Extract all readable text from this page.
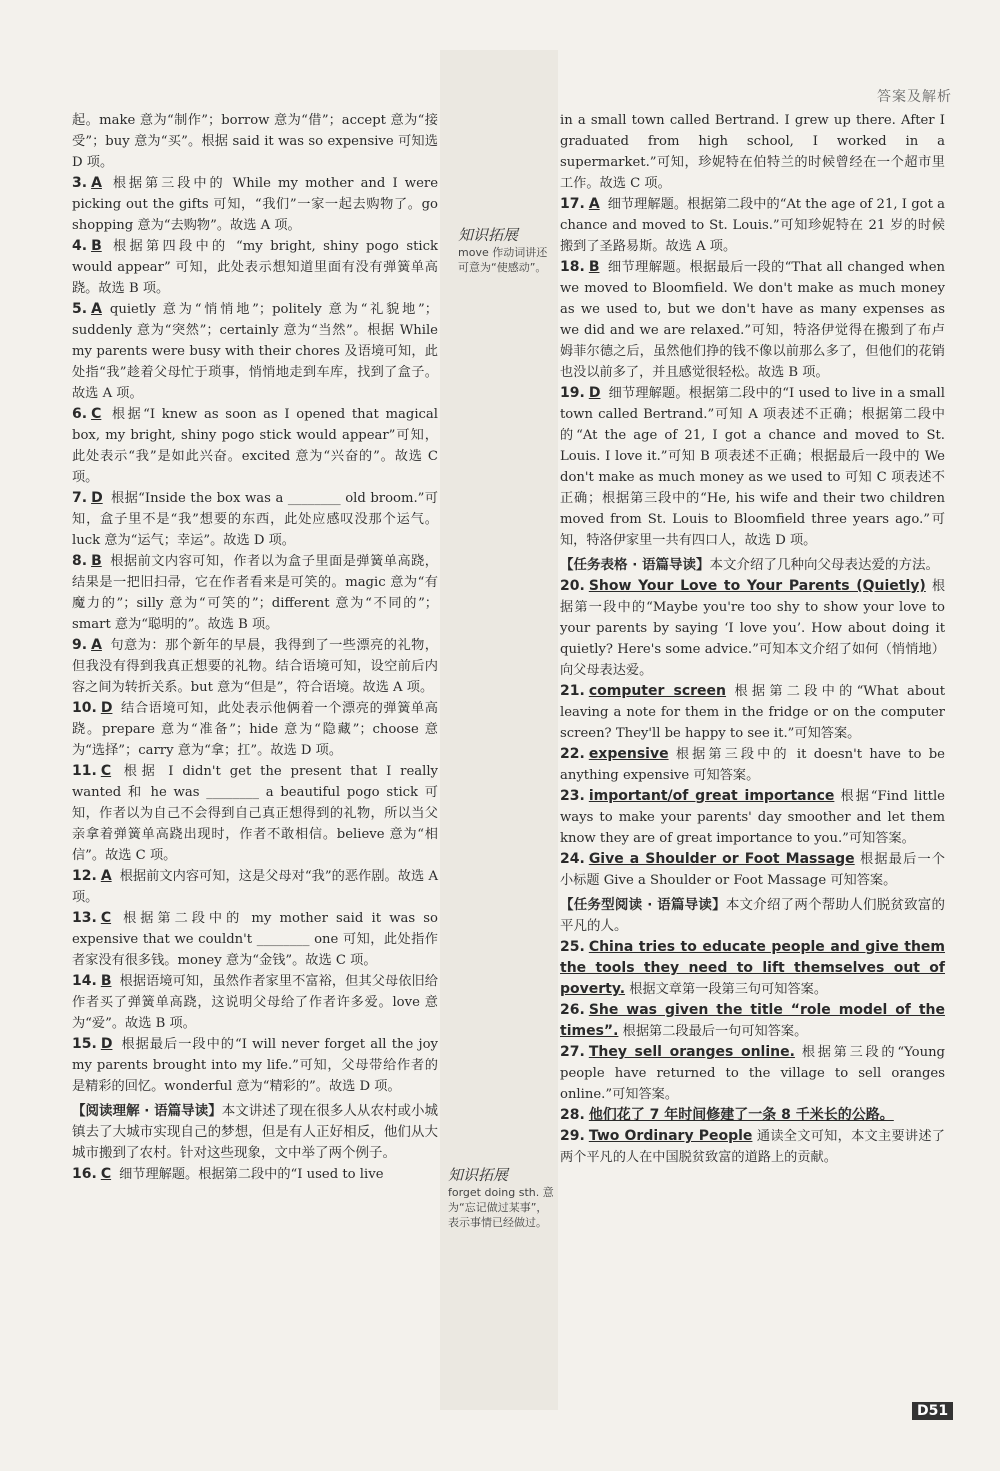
答案及解析

起。make 意为“制作”；borrow 意为“借”；accept 意为“接受”；buy 意为“买”。根据 said it was so expensive 可知选 D 项。

3. A 根据第三段中的 While my mother and I were picking out the gifts 可知，“我们”一家一起去购物了。go shopping 意为“去购物”。故选 A 项。

4. B 根据第四段中的 “my bright, shiny pogo stick would appear” 可知，此处表示想知道里面有没有弹簧单高跷。故选 B 项。

5. A quietly 意为“悄悄地”；politely 意为“礼貌地”；suddenly 意为“突然”；certainly 意为“当然”。根据 While my parents were busy with their chores 及语境可知，此处指“我”趁着父母忙于琐事，悄悄地走到车库，找到了盒子。故选 A 项。

6. C 根据“I knew as soon as I opened that magical box, my bright, shiny pogo stick would appear”可知，此处表示“我”是如此兴奋。excited 意为“兴奋的”。故选 C 项。

7. D 根据“Inside the box was a ________ old broom.”可知，盒子里不是“我”想要的东西，此处应感叹没那个运气。luck 意为“运气；幸运”。故选 D 项。

8. B 根据前文内容可知，作者以为盒子里面是弹簧单高跷，结果是一把旧扫帚，它在作者看来是可笑的。magic 意为“有魔力的”；silly 意为“可笑的”；different 意为“不同的”；smart 意为“聪明的”。故选 B 项。

9. A 句意为：那个新年的早晨，我得到了一些漂亮的礼物，但我没有得到我真正想要的礼物。结合语境可知，设空前后内容之间为转折关系。but 意为“但是”，符合语境。故选 A 项。

10. D 结合语境可知，此处表示他俩着一个漂亮的弹簧单高跷。prepare 意为“准备”；hide 意为“隐藏”；choose 意为“选择”；carry 意为“拿；扛”。故选 D 项。

11. C 根据 I didn't get the present that I really wanted 和 he was ________ a beautiful pogo stick 可知，作者以为自己不会得到自己真正想得到的礼物，所以当父亲拿着弹簧单高跷出现时，作者不敢相信。believe 意为“相信”。故选 C 项。

12. A 根据前文内容可知，这是父母对“我”的恶作剧。故选 A 项。

13. C 根据第二段中的 my mother said it was so expensive that we couldn't ________ one 可知，此处指作者家没有很多钱。money 意为“金钱”。故选 C 项。

14. B 根据语境可知，虽然作者家里不富裕，但其父母依旧给作者买了弹簧单高跷，这说明父母给了作者许多爱。love 意为“爱”。故选 B 项。

15. D 根据最后一段中的“I will never forget all the joy my parents brought into my life.”可知，父母带给作者的是精彩的回忆。wonderful 意为“精彩的”。故选 D 项。

【阅读理解 · 语篇导读】本文讲述了现在很多人从农村或小城镇去了大城市实现自己的梦想，但是有人正好相反，他们从大城市搬到了农村。针对这些现象，文中举了两个例子。

16. C 细节理解题。根据第二段中的“I used to live

知识拓展
move 作动词讲还可意为“使感动”。
知识拓展
forget doing sth. 意为“忘记做过某事”，表示事情已经做过。

in a small town called Bertrand. I grew up there. After I graduated from high school, I worked in a supermarket.”可知，珍妮特在伯特兰的时候曾经在一个超市里工作。故选 C 项。

17. A 细节理解题。根据第二段中的“At the age of 21, I got a chance and moved to St. Louis.”可知珍妮特在 21 岁的时候搬到了圣路易斯。故选 A 项。

18. B 细节理解题。根据最后一段的“That all changed when we moved to Bloomfield. We don't make as much money as we used to, but we don't have as many expenses as we did and we are relaxed.”可知，特洛伊觉得在搬到了布卢姆菲尔德之后，虽然他们挣的钱不像以前那么多了，但他们的花销也没以前多了，并且感觉很轻松。故选 B 项。

19. D 细节理解题。根据第二段中的“I used to live in a small town called Bertrand.”可知 A 项表述不正确；根据第二段中的“At the age of 21, I got a chance and moved to St. Louis. I love it.”可知 B 项表述不正确；根据最后一段中的 We don't make as much money as we used to 可知 C 项表述不正确；根据第三段中的“He, his wife and their two children moved from St. Louis to Bloomfield three years ago.”可知，特洛伊家里一共有四口人，故选 D 项。

【任务表格 · 语篇导读】本文介绍了几种向父母表达爱的方法。

20. Show Your Love to Your Parents (Quietly) 根据第一段中的“Maybe you're too shy to show your love to your parents by saying ‘I love you’. How about doing it quietly? Here's some advice.”可知本文介绍了如何（悄悄地）向父母表达爱。

21. computer screen 根据第二段中的“What about leaving a note for them in the fridge or on the computer screen? They'll be happy to see it.”可知答案。

22. expensive 根据第三段中的 it doesn't have to be anything expensive 可知答案。

23. important/of great importance 根据“Find little ways to make your parents' day smoother and let them know they are of great importance to you.”可知答案。

24. Give a Shoulder or Foot Massage 根据最后一个小标题 Give a Shoulder or Foot Massage 可知答案。

【任务型阅读 · 语篇导读】本文介绍了两个帮助人们脱贫致富的平凡的人。

25. China tries to educate people and give them the tools they need to lift themselves out of poverty. 根据文章第一段第三句可知答案。

26. She was given the title “role model of the times”. 根据第二段最后一句可知答案。

27. They sell oranges online. 根据第三段的“Young people have returned to the village to sell oranges online.”可知答案。

28. 他们花了 7 年时间修建了一条 8 千米长的公路。

29. Two Ordinary People 通读全文可知，本文主要讲述了两个平凡的人在中国脱贫致富的道路上的贡献。

D51
